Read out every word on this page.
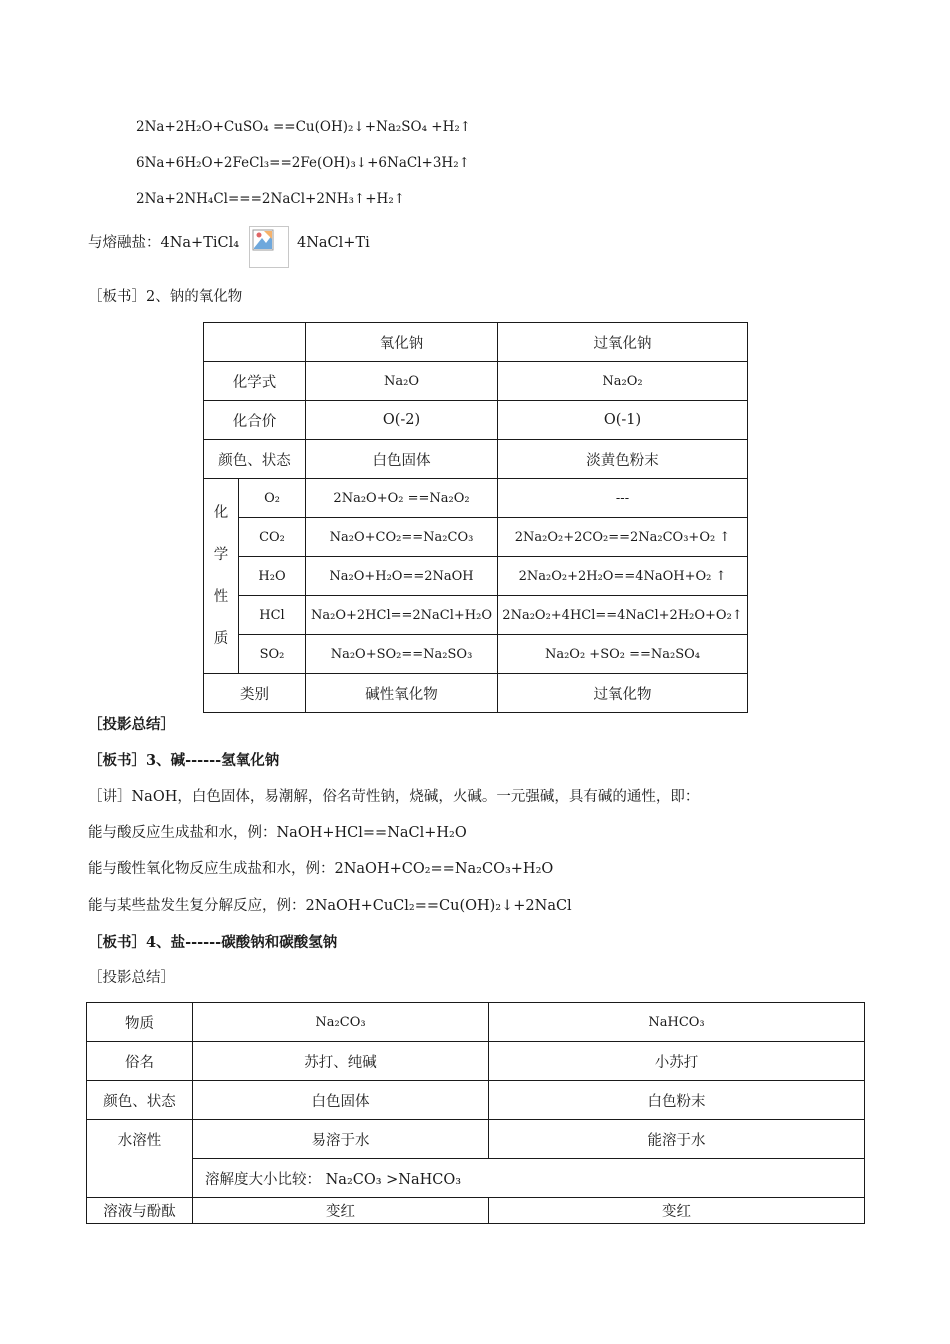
2Na+2H₂O+CuSO₄ ==Cu(OH)₂↓+Na₂SO₄ +H₂↑
6Na+6H₂O+2FeCl₃==2Fe(OH)₃↓+6NaCl+3H₂↑
2Na+2NH₄Cl===2NaCl+2NH₃↑+H₂↑
与熔融盐：4Na+TiCl₄	4NaCl+Ti
［板书］2、钠的氧化物
		氧化钠	过氧化钠
化学式		Na₂O	Na₂O₂
化合价		O(-2)	O(-1)
颜色、状态		白色固体	淡黄色粉末
化学性质	O₂	2Na₂O+O₂ ==Na₂O₂	---
	CO₂	Na₂O+CO₂==Na₂CO₃	2Na₂O₂+2CO₂==2Na₂CO₃+O₂ ↑
	H₂O	Na₂O+H₂O==2NaOH	2Na₂O₂+2H₂O==4NaOH+O₂ ↑
	HCl	Na₂O+2HCl==2NaCl+H₂O	2Na₂O₂+4HCl==4NaCl+2H₂O+O₂↑
	SO₂	Na₂O+SO₂==Na₂SO₃	Na₂O₂ +SO₂ ==Na₂SO₄
类别		碱性氧化物	过氧化物
［投影总结］
［板书］3、碱------氢氧化钠
［讲］NaOH，白色固体，易潮解，俗名苛性钠，烧碱，火碱。一元强碱，具有碱的通性，即：
能与酸反应生成盐和水，例：NaOH+HCl==NaCl+H₂O
能与酸性氧化物反应生成盐和水，例：2NaOH+CO₂==Na₂CO₃+H₂O
能与某些盐发生复分解反应，例：2NaOH+CuCl₂==Cu(OH)₂↓+2NaCl
［板书］4、盐------碳酸钠和碳酸氢钠
［投影总结］
物质	Na₂CO₃	NaHCO₃
俗名	苏打、纯碱	小苏打
颜色、状态	白色固体	白色粉末
水溶性	易溶于水	能溶于水
	溶解度大小比较： Na₂CO₃ >NaHCO₃	
溶液与酚酞	变红	变红
